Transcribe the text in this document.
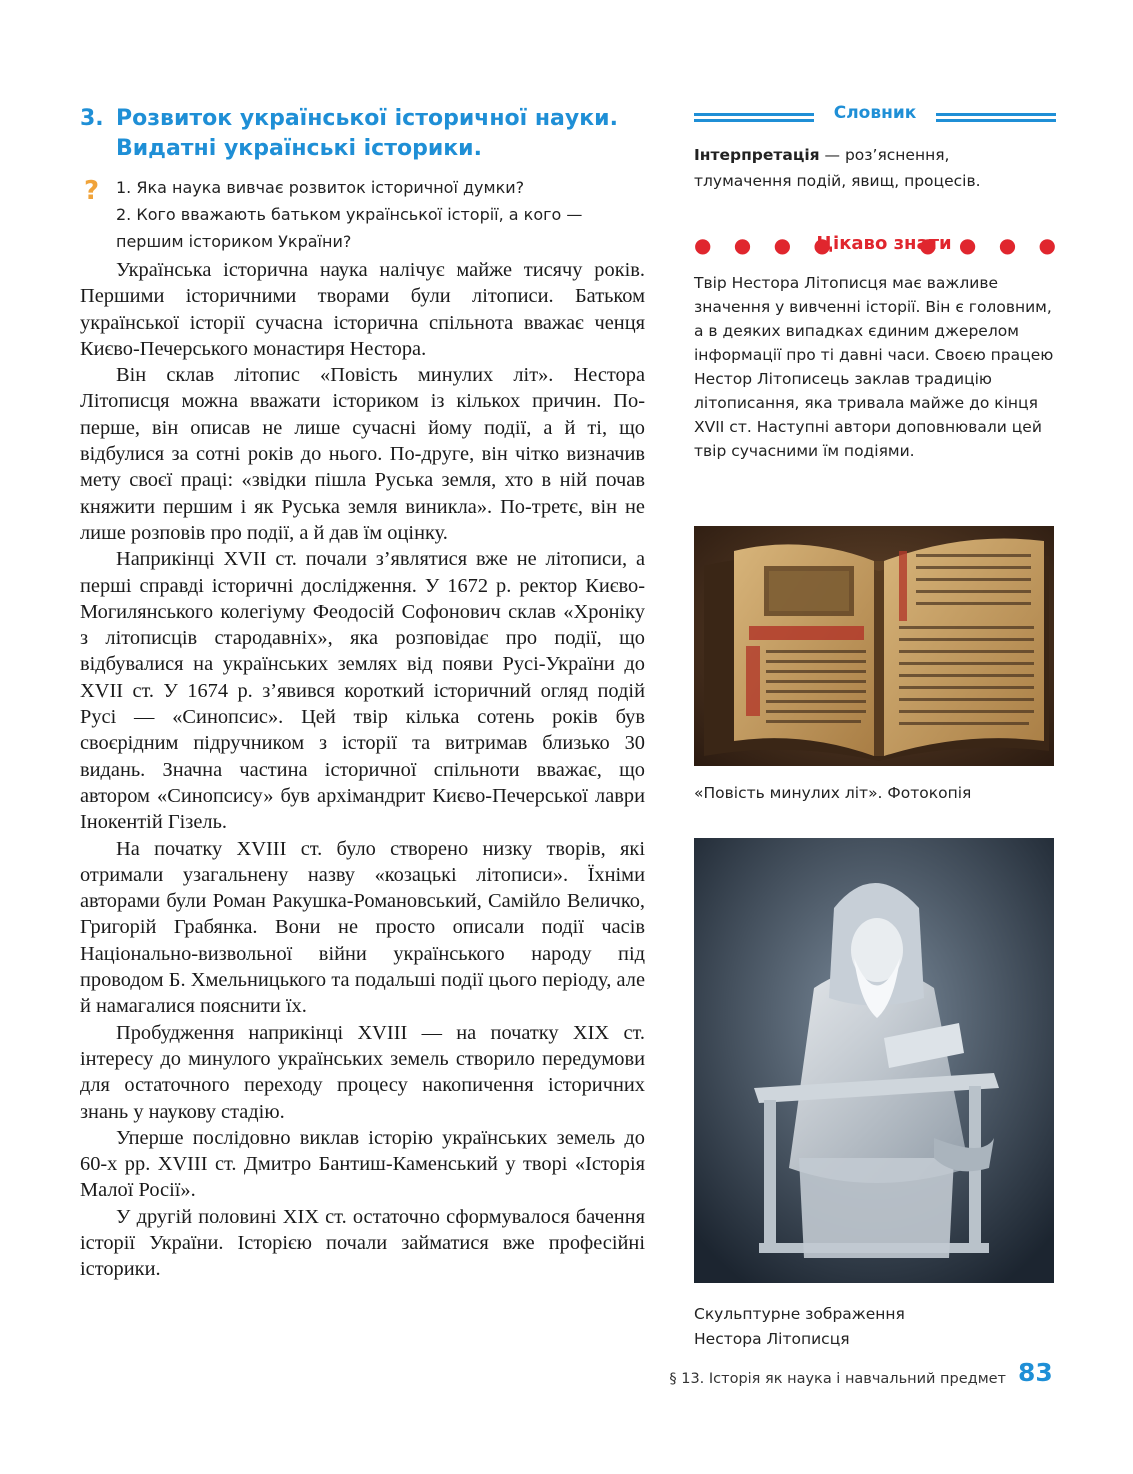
3. Розвиток української історичної науки.
Видатні українські історики.
? 1. Яка наука вивчає розвиток історичної думки?

2. Кого вважають батьком української історії, а кого —

першим істориком України?

Українська історична наука налічує майже тисячу років. Першими історичними творами були літописи. Батьком української історії сучасна історична спільнота вважає ченця Києво-Печерського монастиря Нестора.

Він склав літопис «Повість минулих літ». Нестора Літописця можна вважати істориком із кількох причин. По-перше, він описав не лише сучасні йому події, а й ті, що відбулися за сотні років до нього. По-друге, він чітко визначив мету своєї праці: «звідки пішла Руська земля, хто в ній почав княжити першим і як Руська земля виникла». По-третє, він не лише розповів про події, а й дав їм оцінку.

Наприкінці XVII ст. почали з’являтися вже не літописи, а перші справді історичні дослідження. У 1672 р. ректор Києво-Могилянського колегіуму Феодосій Софонович склав «Хроніку з літописців стародавніх», яка розповідає про події, що відбувалися на українських землях від появи Русі-України до XVII ст. У 1674 р. з’явився короткий історичний огляд подій Русі — «Синопсис». Цей твір кілька сотень років був своєрідним підручником з історії та витримав близько 30 видань. Значна частина історичної спільноти вважає, що автором «Синопсису» був архімандрит Києво-Печерської лаври Інокентій Гізель.

На початку XVIII ст. було створено низку творів, які отримали узагальнену назву «козацькі літописи». Їхніми авторами були Роман Ракушка-Романовський, Самійло Величко, Григорій Грабянка. Вони не просто описали події часів Національно-визвольної війни українського народу під проводом Б. Хмельницького та подальші події цього періоду, але й намагалися пояснити їх.

Пробудження наприкінці XVIII — на початку XIX ст. інтересу до минулого українських земель створило передумови для остаточного переходу процесу накопичення історичних знань у наукову стадію.

Уперше послідовно виклав історію українських земель до 60-х рр. XVIII ст. Дмитро Бантиш-Каменський у творі «Історія Малої Росії».

У другій половині XIX ст. остаточно сформувалося бачення історії України. Історією почали займатися вже професійні історики.

Словник
Інтерпретація — роз’яснення, тлумачення подій, явищ, процесів.
● ● ● ●
Цікаво знати
● ● ● ●
Твір Нестора Літописця має важливе значення у вивченні історії. Він є головним, а в деяких випадках єдиним джерелом інформації про ті давні часи. Своєю працею Нестор Літописець заклав традицію літописання, яка тривала майже до кінця XVII ст. Наступні автори доповнювали цей твір сучасними їм подіями.
«Повість минулих літ». Фотокопія
Скульптурне зображення
Нестора Літописця
§ 13. Історія як наука і навчальний предмет 83
